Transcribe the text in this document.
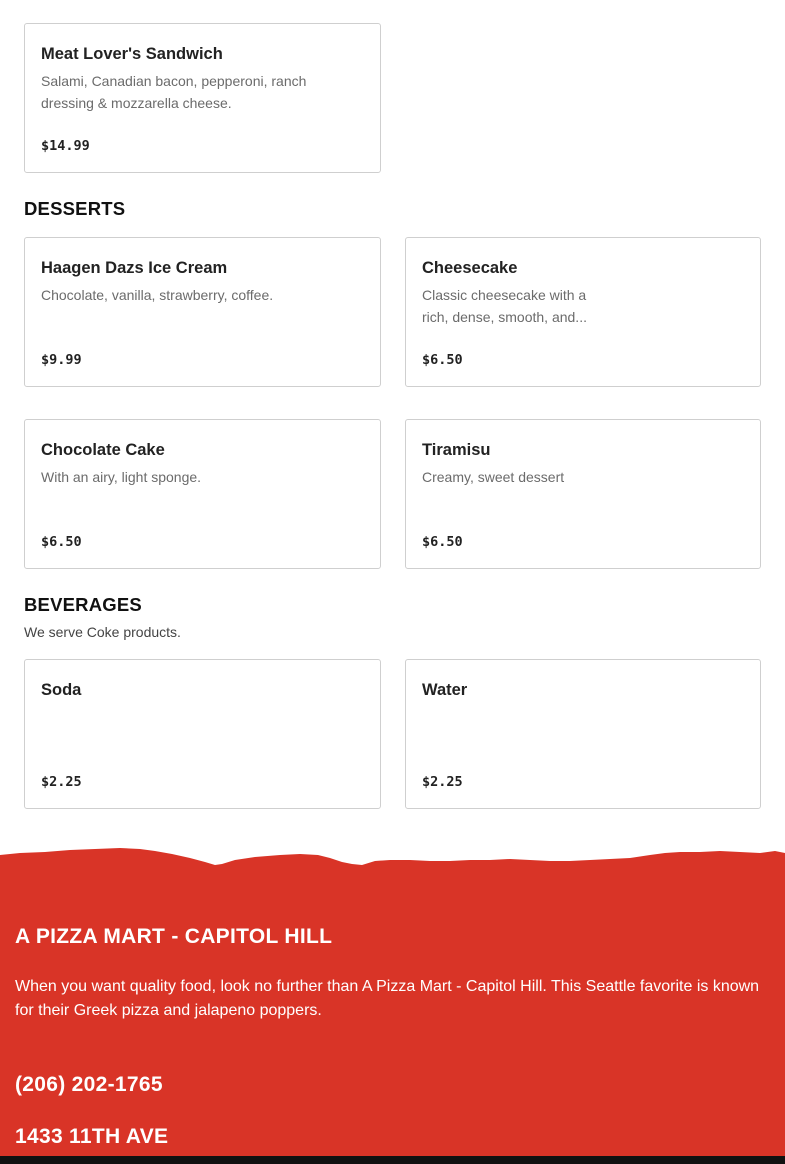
Meat Lover's Sandwich
Salami, Canadian bacon, pepperoni, ranch dressing & mozzarella cheese.
$14.99
DESSERTS
Haagen Dazs Ice Cream
Chocolate, vanilla, strawberry, coffee.
$9.99
Cheesecake
Classic cheesecake with a rich, dense, smooth, and...
$6.50
Chocolate Cake
With an airy, light sponge.
$6.50
Tiramisu
Creamy, sweet dessert
$6.50
BEVERAGES
We serve Coke products.
Soda
$2.25
Water
$2.25
A PIZZA MART - CAPITOL HILL
When you want quality food, look no further than A Pizza Mart - Capitol Hill. This Seattle favorite is known for their Greek pizza and jalapeno poppers.
(206) 202-1765
1433 11TH AVE
